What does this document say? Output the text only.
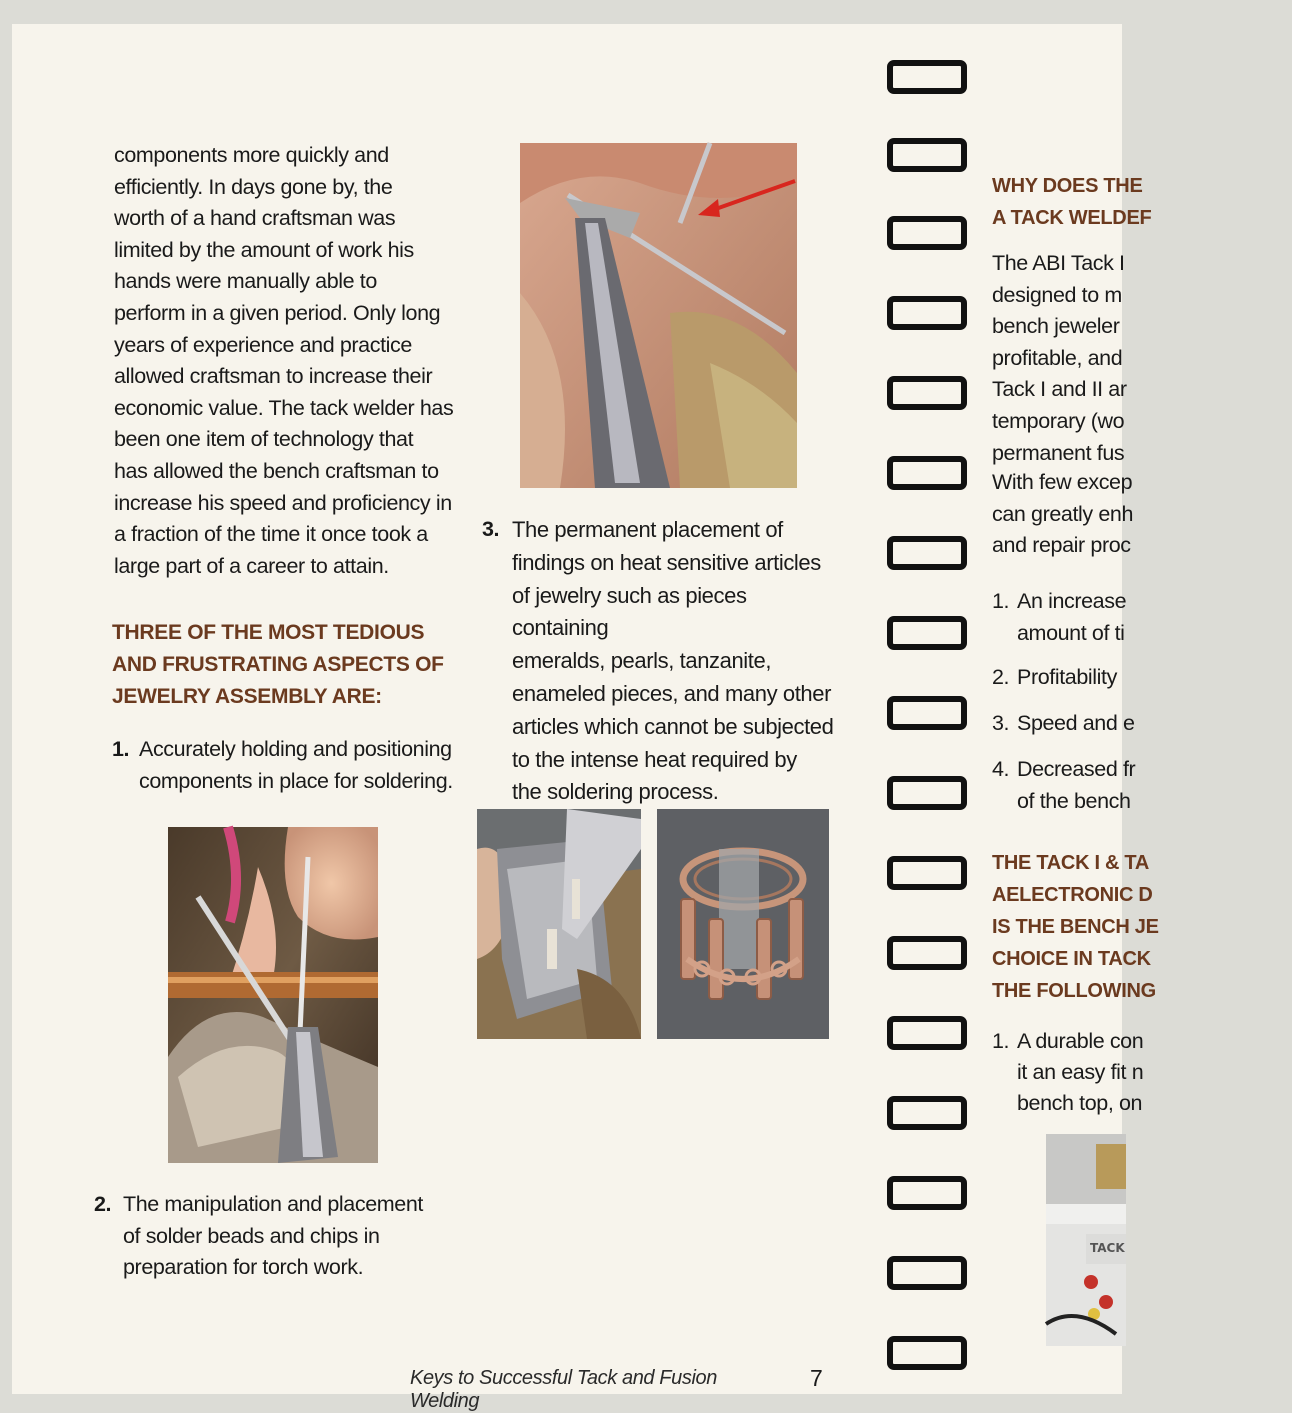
components more quickly and
efficiently. In days gone by, the
worth of a hand craftsman was
limited by the amount of work his
hands were manually able to
perform in a given period. Only long
years of experience and practice
allowed craftsman to increase their
economic value. The tack welder has
been one item of technology that
has allowed the bench craftsman to
increase his speed and proficiency in
a fraction of the time it once took a
large part of a career to attain.
THREE OF THE MOST TEDIOUS
AND FRUSTRATING ASPECTS OF
JEWELRY ASSEMBLY ARE:
1. Accurately holding and positioning
components in place for soldering.
2. The manipulation and placement
of solder beads and chips in
preparation for torch work.
3. The permanent placement of
findings on heat sensitive articles
of jewelry such as pieces containing
emeralds, pearls, tanzanite,
enameled pieces, and many other
articles which cannot be subjected
to the intense heat required by
the soldering process.
Keys to Successful Tack and Fusion Welding
7
WHY DOES THE
A TACK WELDEF
The ABI Tack I
designed to m
bench jeweler
profitable, and
Tack I and II ar
temporary (wo
permanent fus
With few excep
can greatly enh
and repair proc
1. An increase
amount of ti
2. Profitability
3. Speed and e
4. Decreased fr
of the bench
THE TACK I & TA
AELECTRONIC D
IS THE BENCH JE
CHOICE IN TACK
THE FOLLOWING
1. A durable con
it an easy fit n
bench top, on
TACK
